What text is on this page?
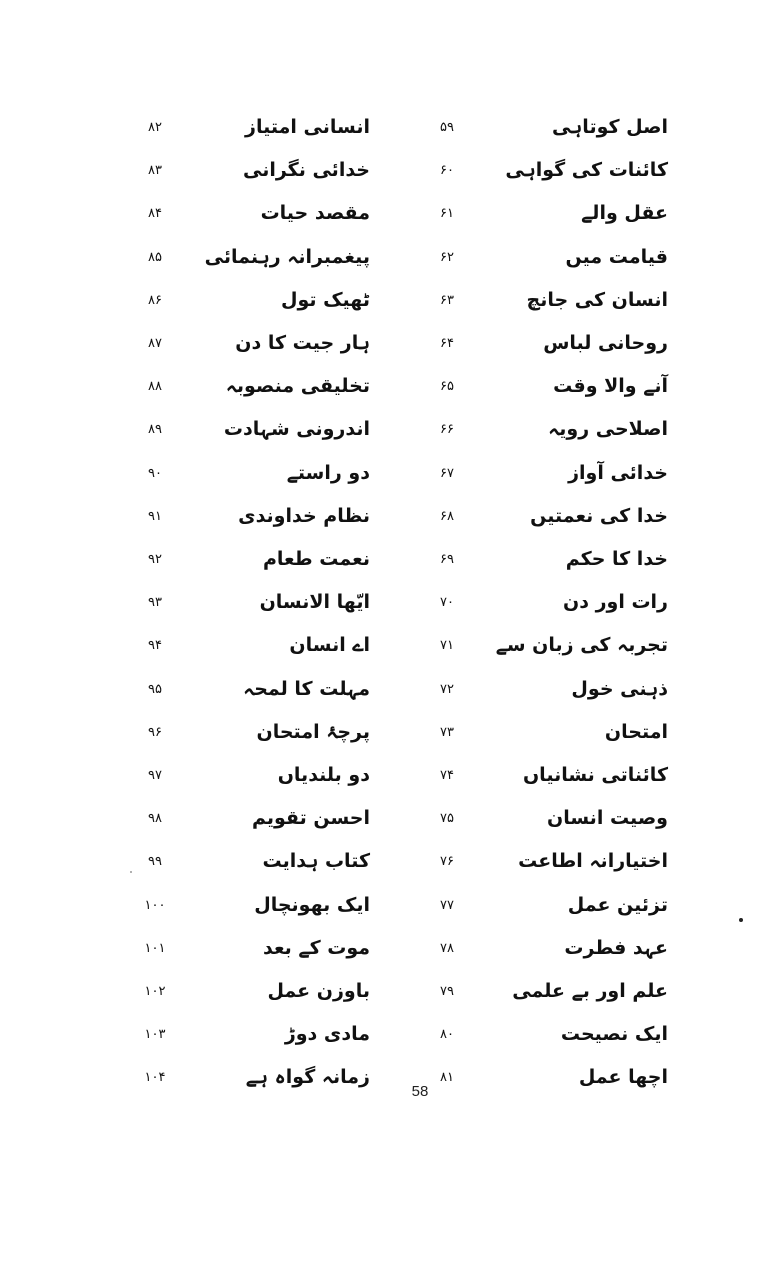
اصل کوتاہی
۵۹
کائنات کی گواہی
۶۰
عقل والے
۶۱
قیامت میں
۶۲
انسان کی جانچ
۶۳
روحانی لباس
۶۴
آنے والا وقت
۶۵
اصلاحی رویہ
۶۶
خدائی آواز
۶۷
خدا کی نعمتیں
۶۸
خدا کا حکم
۶۹
رات اور دن
۷۰
تجربہ کی زبان سے
۷۱
ذہنی خول
۷۲
امتحان
۷۳
کائناتی نشانیاں
۷۴
وصیت انسان
۷۵
اختیارانہ اطاعت
۷۶
تزئین عمل
۷۷
عہد فطرت
۷۸
علم اور بے علمی
۷۹
ایک نصیحت
۸۰
اچھا عمل
۸۱
انسانی امتیاز
۸۲
خدائی نگرانی
۸۳
مقصد حیات
۸۴
پیغمبرانہ رہنمائی
۸۵
ٹھیک تول
۸۶
ہار جیت کا دن
۸۷
تخلیقی منصوبہ
۸۸
اندرونی شہادت
۸۹
دو راستے
۹۰
نظام خداوندی
۹۱
نعمت طعام
۹۲
ایّھا الانسان
۹۳
اے انسان
۹۴
مہلت کا لمحہ
۹۵
پرچۂ امتحان
۹۶
دو بلندیاں
۹۷
احسن تقویم
۹۸
کتاب ہدایت
۹۹
ایک بھونچال
۱۰۰
موت کے بعد
۱۰۱
باوزن عمل
۱۰۲
مادی دوڑ
۱۰۳
زمانہ گواہ ہے
۱۰۴
58
